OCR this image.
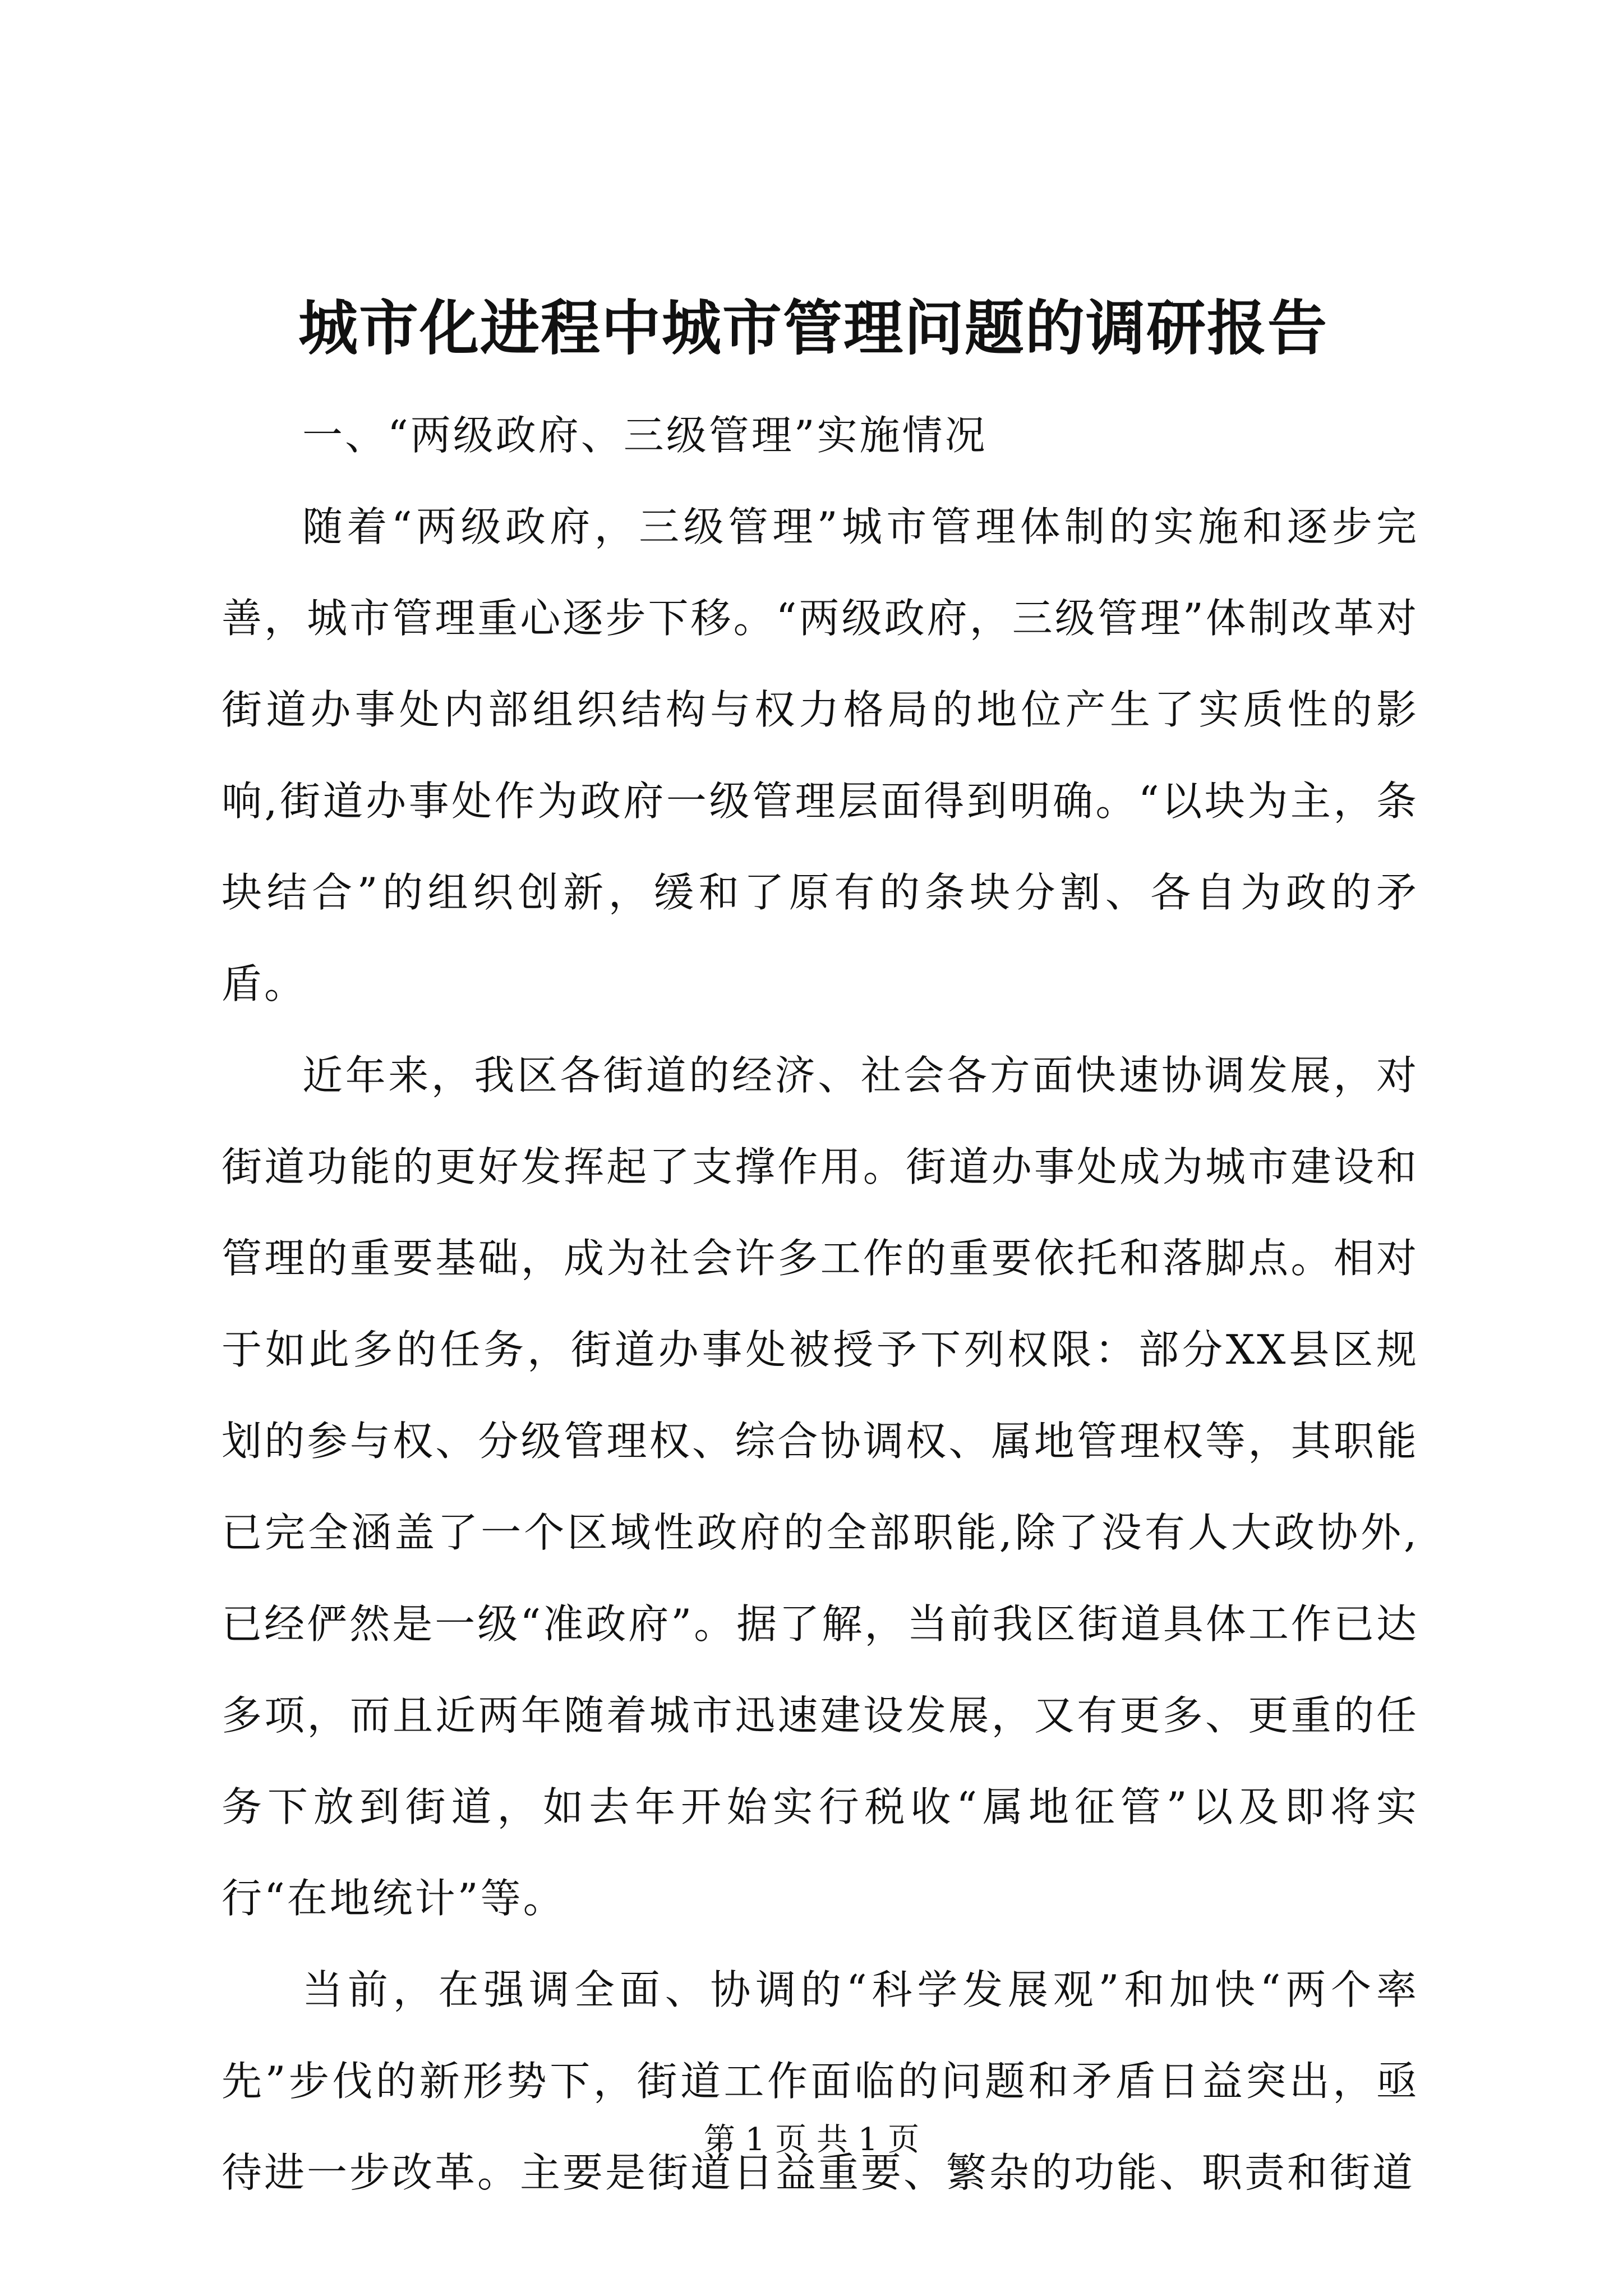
城市化进程中城市管理问题的调研报告

一、“两级政府、三级管理”实施情况

随着“两级政府，三级管理”城市管理体制的实施和逐步完善，城市管理重心逐步下移。“两级政府，三级管理”体制改革对街道办事处内部组织结构与权力格局的地位产生了实质性的影响,街道办事处作为政府一级管理层面得到明确。“以块为主，条块结合”的组织创新，缓和了原有的条块分割、各自为政的矛盾。

近年来，我区各街道的经济、社会各方面快速协调发展，对街道功能的更好发挥起了支撑作用。街道办事处成为城市建设和管理的重要基础，成为社会许多工作的重要依托和落脚点。相对于如此多的任务，街道办事处被授予下列权限：部分XX县区规划的参与权、分级管理权、综合协调权、属地管理权等，其职能已完全涵盖了一个区域性政府的全部职能,除了没有人大政协外,已经俨然是一级“准政府”。据了解，当前我区街道具体工作已达多项，而且近两年随着城市迅速建设发展，又有更多、更重的任务下放到街道，如去年开始实行税收“属地征管”以及即将实行“在地统计”等。

当前，在强调全面、协调的“科学发展观”和加快“两个率先”步伐的新形势下，街道工作面临的问题和矛盾日益突出，亟待进一步改革。主要是街道日益重要、繁杂的功能、职责和街道

第 1 页 共 1 页
